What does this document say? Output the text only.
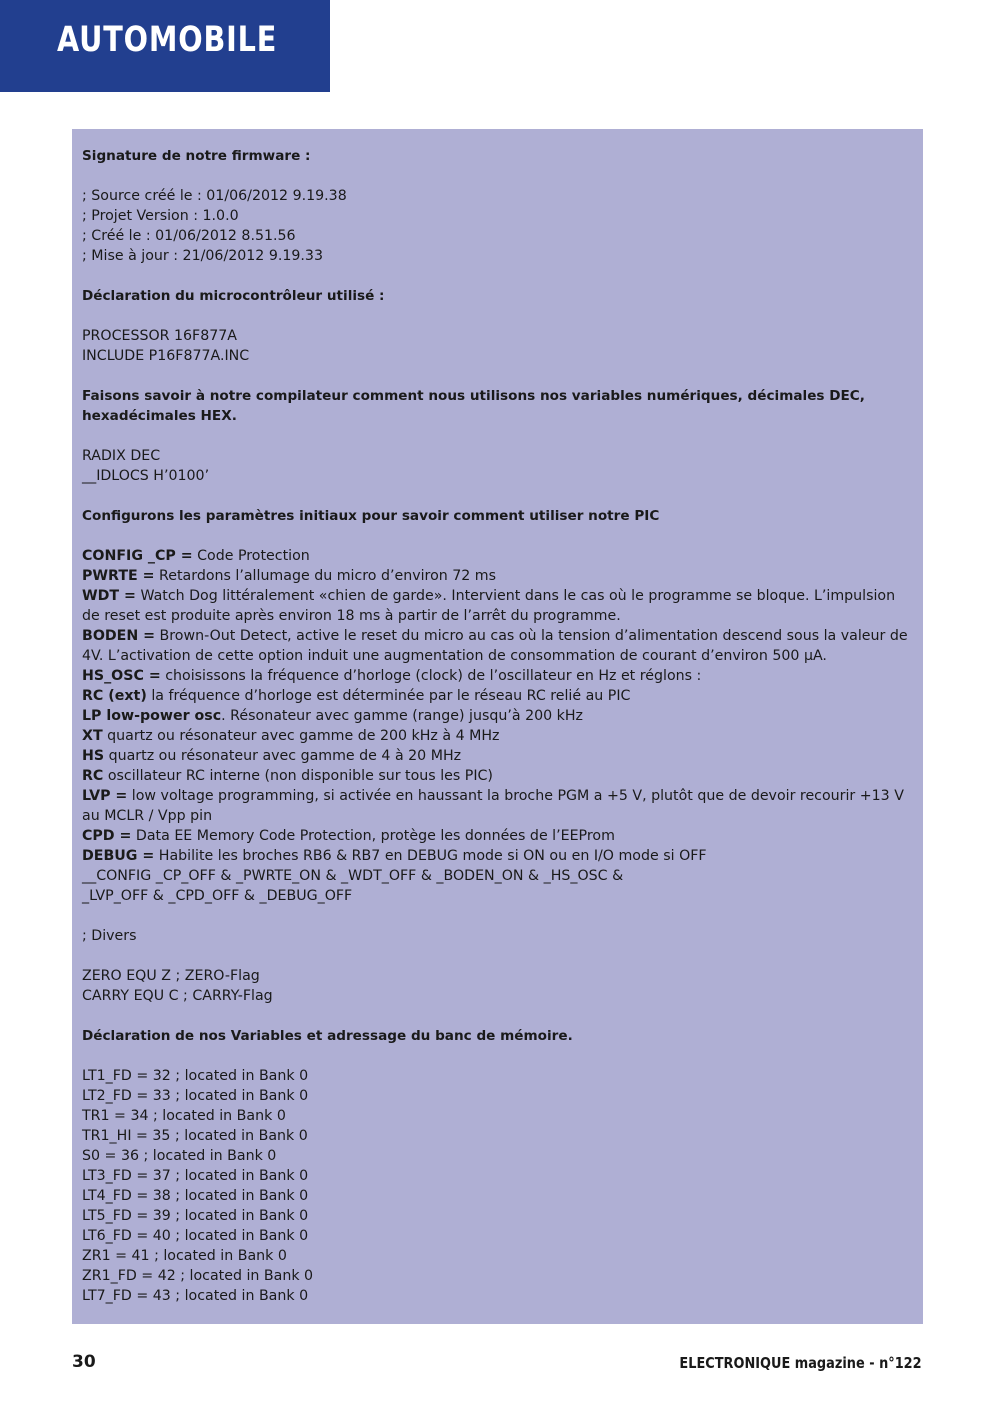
AUTOMOBILE
Signature de notre firmware :
; Source créé le : 01/06/2012 9.19.38
; Projet Version : 1.0.0
; Créé le : 01/06/2012 8.51.56
; Mise à jour : 21/06/2012 9.19.33
Déclaration du microcontrôleur utilisé :
PROCESSOR 16F877A
INCLUDE P16F877A.INC
Faisons savoir à notre compilateur comment nous utilisons nos variables numériques, décimales DEC, hexadécimales HEX.
RADIX DEC
__IDLOCS H’0100’
Configurons les paramètres initiaux pour savoir comment utiliser notre PIC
CONFIG _CP = Code Protection
PWRTE = Retardons l’allumage du micro d’environ 72 ms
WDT = Watch Dog littéralement «chien de garde». Intervient dans le cas où le programme se bloque. L’impulsion de reset est produite après environ 18 ms à partir de l’arrêt du programme.
BODEN = Brown-Out Detect, active le reset du micro au cas où la tension d’alimentation descend sous la valeur de 4V. L’activation de cette option induit une augmentation de consommation de courant d’environ 500 µA.
HS_OSC = choisissons la fréquence d’horloge (clock) de l’oscillateur en Hz et réglons :
RC (ext) la fréquence d’horloge est déterminée par le réseau RC relié au PIC
LP low-power osc. Résonateur avec gamme (range) jusqu’à 200 kHz
XT quartz ou résonateur avec gamme de 200 kHz à 4 MHz
HS quartz ou résonateur avec gamme de 4 à 20 MHz
RC oscillateur RC interne (non disponible sur tous les PIC)
LVP = low voltage programming, si activée en haussant la broche PGM a +5 V, plutôt que de devoir recourir +13 V au MCLR / Vpp pin
CPD = Data EE Memory Code Protection, protège les données de l’EEProm
DEBUG = Habilite les broches RB6 & RB7 en DEBUG mode si ON ou en I/O mode si OFF
__CONFIG _CP_OFF & _PWRTE_ON & _WDT_OFF & _BODEN_ON & _HS_OSC &
_LVP_OFF & _CPD_OFF & _DEBUG_OFF
; Divers
ZERO EQU Z ; ZERO-Flag
CARRY EQU C ; CARRY-Flag
Déclaration de nos Variables et adressage du banc de mémoire.
LT1_FD = 32 ; located in Bank 0
LT2_FD = 33 ; located in Bank 0
TR1 = 34 ; located in Bank 0
TR1_HI = 35 ; located in Bank 0
S0 = 36 ; located in Bank 0
LT3_FD = 37 ; located in Bank 0
LT4_FD = 38 ; located in Bank 0
LT5_FD = 39 ; located in Bank 0
LT6_FD = 40 ; located in Bank 0
ZR1 = 41 ; located in Bank 0
ZR1_FD = 42 ; located in Bank 0
LT7_FD = 43 ; located in Bank 0

30	ELECTRONIQUE magazine - n°122
